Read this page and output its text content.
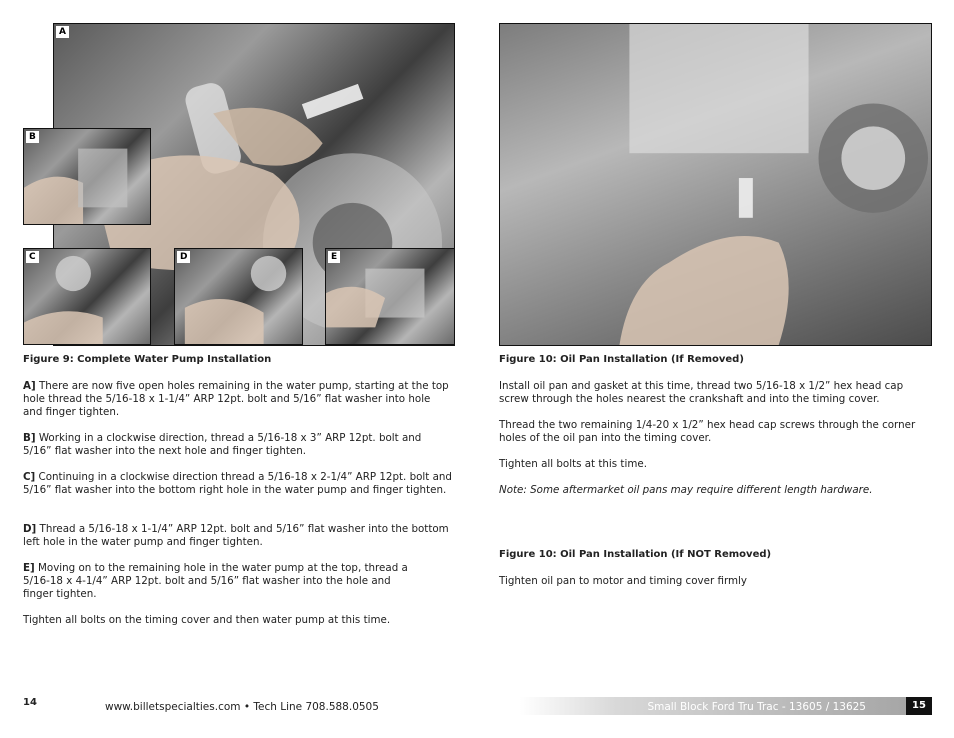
A
B
C	D	E
Figure 9: Complete Water Pump Installation
A] There are now five open holes remaining in the water pump, starting at the top hole thread the 5/16-18 x 1-1/4” ARP 12pt. bolt and 5/16” flat washer into hole and finger tighten.
B] Working in a clockwise direction, thread a 5/16-18 x 3” ARP 12pt. bolt and 5/16” flat washer into the next hole and finger tighten.
C] Continuing in a clockwise direction thread a 5/16-18 x 2-1/4” ARP 12pt. bolt and 5/16” flat washer into the bottom right hole in the water pump and finger tighten.
D] Thread a 5/16-18 x 1-1/4” ARP 12pt. bolt and 5/16” flat washer into the bottom left hole in the water pump and finger tighten.
E] Moving on to the remaining hole in the water pump at the top, thread a 5/16-18 x 4-1/4” ARP 12pt. bolt and 5/16” flat washer into the hole and finger tighten.
Tighten all bolts on the timing cover and then water pump at this time.
Figure 10: Oil Pan Installation (If Removed)
Install oil pan and gasket at this time, thread two 5/16-18 x 1/2” hex head cap screw through the holes nearest the crankshaft and into the timing cover.
Thread the two remaining 1/4-20 x 1/2” hex head cap screws through the corner holes of the oil pan into the timing cover.
Tighten all bolts at this time.
Note: Some aftermarket oil pans may require different length hardware.
Figure 10: Oil Pan Installation (If NOT Removed)
Tighten oil pan to motor and timing cover firmly
14	www.billetspecialties.com • Tech Line 708.588.0505	Small Block Ford Tru Trac - 13605 / 13625	15
